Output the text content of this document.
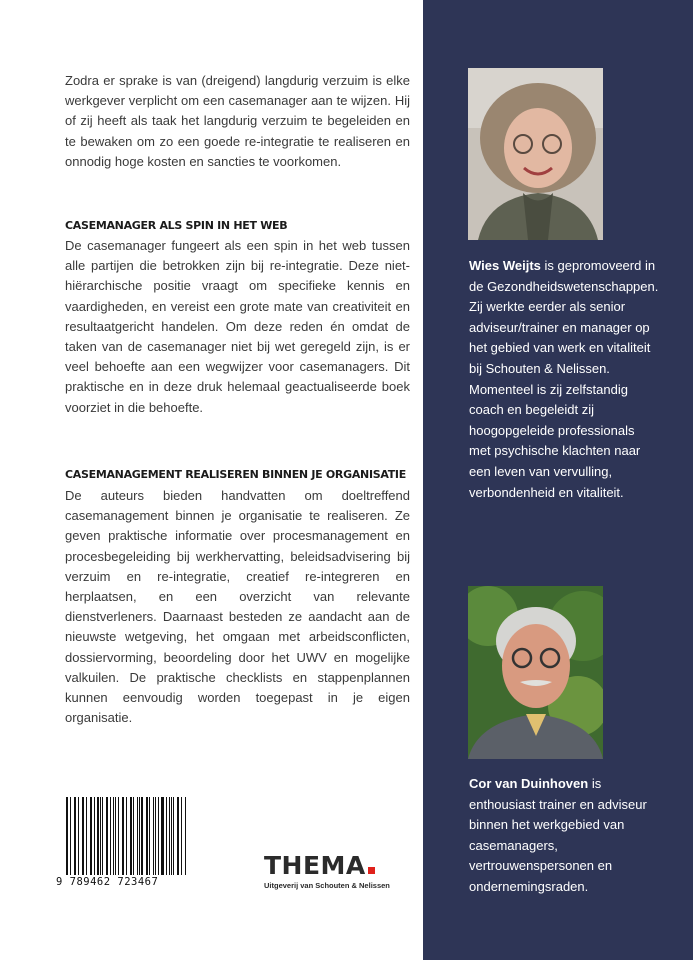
Zodra er sprake is van (dreigend) langdurig verzuim is elke werkgever verplicht om een casemanager aan te wijzen. Hij of zij heeft als taak het langdurig verzuim te begeleiden en te bewaken om zo een goede re-integratie te realiseren en onnodig hoge kosten en sancties te voorkomen.

CASEMANAGER ALS SPIN IN HET WEB

De casemanager fungeert als een spin in het web tussen alle partijen die betrokken zijn bij re-integratie. Deze niet-hiërarchische positie vraagt om specifieke kennis en vaardigheden, en vereist een grote mate van creativiteit en resultaatgericht handelen. Om deze reden én omdat de taken van de casemanager niet bij wet geregeld zijn, is er veel behoefte aan een wegwijzer voor casemanagers. Dit praktische en in deze druk helemaal geactualiseerde boek voorziet in die behoefte.

CASEMANAGEMENT REALISEREN BINNEN JE ORGANISATIE

De auteurs bieden handvatten om doeltreffend casemanagement binnen je organisatie te realiseren. Ze geven praktische informatie over procesmanagement en procesbegeleiding bij werkhervatting, beleidsadvisering bij verzuim en re-integratie, creatief re-integreren en herplaatsen, en een overzicht van relevante dienstverleners. Daarnaast besteden ze aandacht aan de nieuwste wetgeving, het omgaan met arbeidsconflicten, dossiervorming, beoordeling door het UWV en mogelijke valkuilen. De praktische checklists en stappenplannen kunnen eenvoudig worden toegepast in je eigen organisatie.

9 789462 723467
THEMA
Uitgeverij van Schouten & Nelissen

Wies Weijts is gepromoveerd in de Gezondheidswetenschappen. Zij werkte eerder als senior adviseur/trainer en manager op het gebied van werk en vitaliteit bij Schouten & Nelissen. Momenteel is zij zelfstandig coach en begeleidt zij hoogopgeleide professionals met psychische klachten naar een leven van vervulling, verbondenheid en vitaliteit.

Cor van Duinhoven is enthousiast trainer en adviseur binnen het werkgebied van casemanagers, vertrouwenspersonen en ondernemingsraden.
